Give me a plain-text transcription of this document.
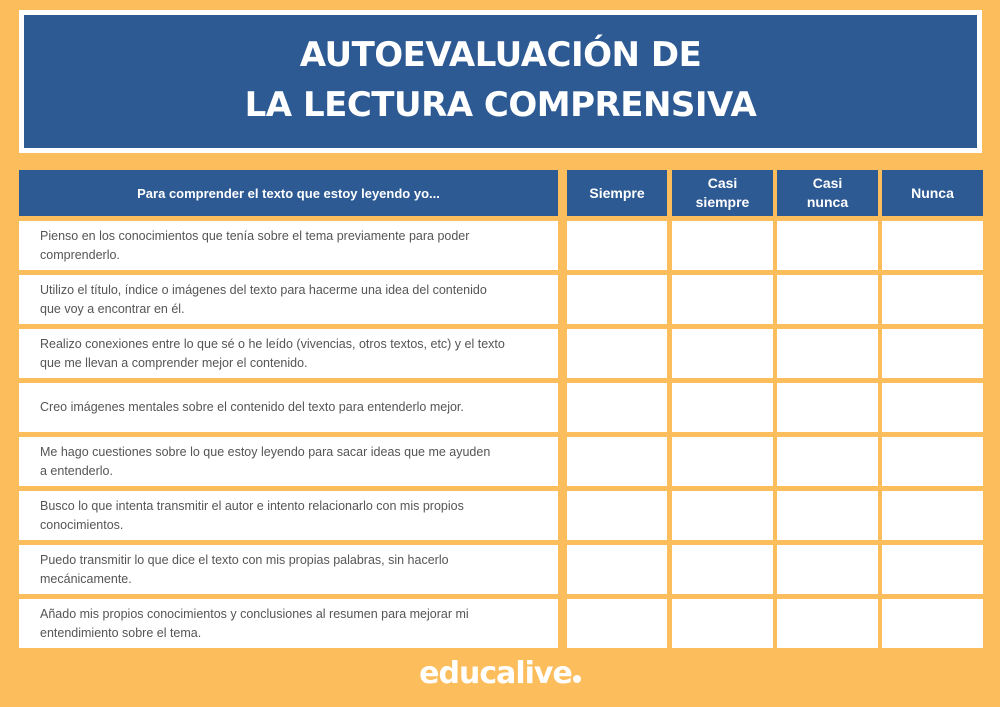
AUTOEVALUACIÓN DE
LA LECTURA COMPRENSIVA
Para comprender el texto que estoy leyendo yo...	Siempre
Casi
siempre
Casi
nunca
Nunca
Pienso en los conocimientos que tenía sobre el tema previamente para poder
comprenderlo.
Utilizo el título, índice o imágenes del texto para hacerme una idea del contenido
que voy a encontrar en él.
Realizo conexiones entre lo que sé o he leído (vivencias, otros textos, etc) y el texto
que me llevan a comprender mejor el contenido.
Creo imágenes mentales sobre el contenido del texto para entenderlo mejor.
Me hago cuestiones sobre lo que estoy leyendo para sacar ideas que me ayuden
a entenderlo.
Busco lo que intenta transmitir el autor e intento relacionarlo con mis propios
conocimientos.
Puedo transmitir lo que dice el texto con mis propias palabras, sin hacerlo
mecánicamente.
Añado mis propios conocimientos y conclusiones al resumen para mejorar mi
entendimiento sobre el tema.
educalive
